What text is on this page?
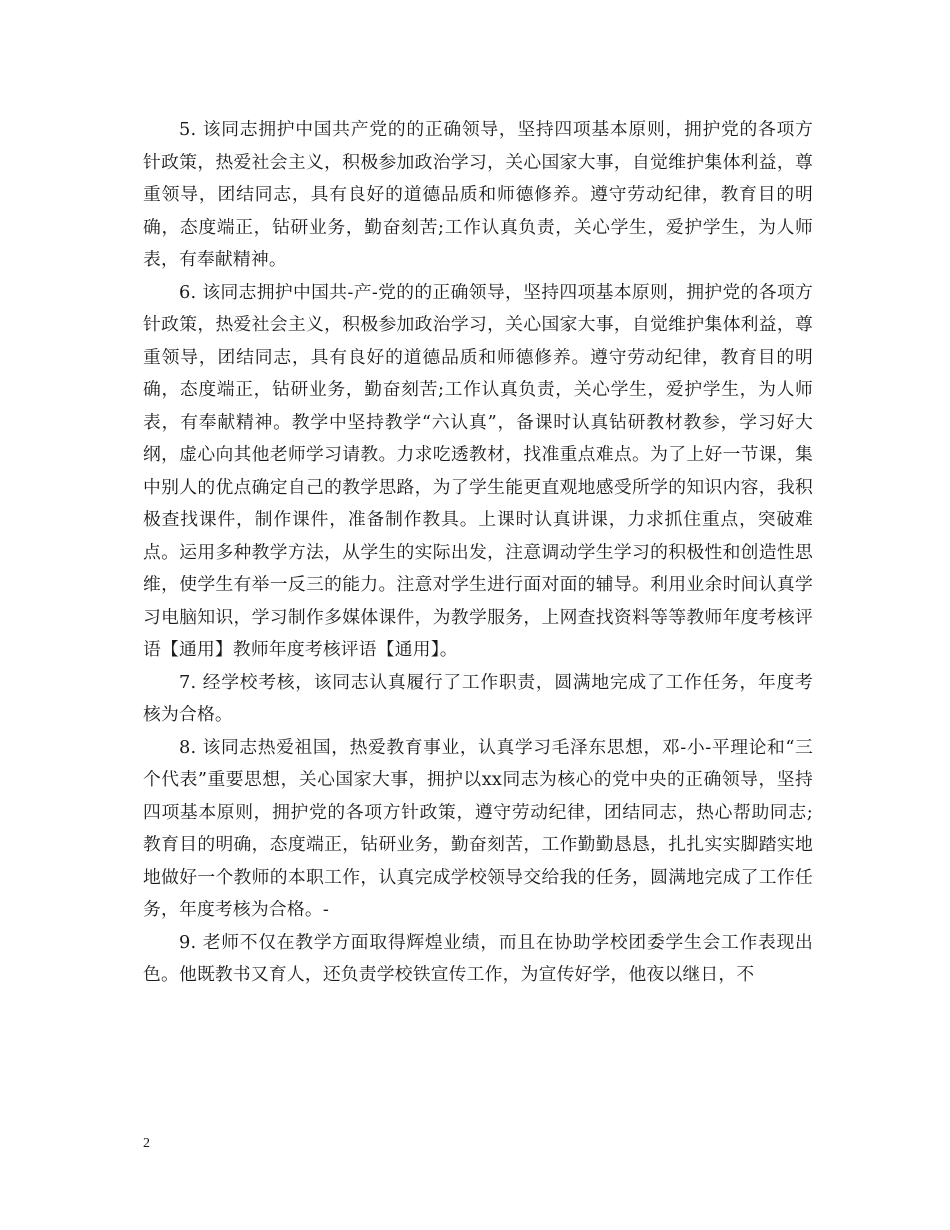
5. 该同志拥护中国共产党的的正确领导，坚持四项基本原则，拥护党的各项方针政策，热爱社会主义，积极参加政治学习，关心国家大事，自觉维护集体利益，尊重领导，团结同志，具有良好的道德品质和师德修养。遵守劳动纪律，教育目的明确，态度端正，钻研业务，勤奋刻苦;工作认真负责，关心学生，爱护学生，为人师表，有奉献精神。

6. 该同志拥护中国共-产-党的的正确领导，坚持四项基本原则，拥护党的各项方针政策，热爱社会主义，积极参加政治学习，关心国家大事，自觉维护集体利益，尊重领导，团结同志，具有良好的道德品质和师德修养。遵守劳动纪律，教育目的明确，态度端正，钻研业务，勤奋刻苦;工作认真负责，关心学生，爱护学生，为人师表，有奉献精神。教学中坚持教学“六认真”，备课时认真钻研教材教参，学习好大纲，虚心向其他老师学习请教。力求吃透教材，找准重点难点。为了上好一节课，集中别人的优点确定自己的教学思路，为了学生能更直观地感受所学的知识内容，我积极查找课件，制作课件，准备制作教具。上课时认真讲课，力求抓住重点，突破难点。运用多种教学方法，从学生的实际出发，注意调动学生学习的积极性和创造性思维，使学生有举一反三的能力。注意对学生进行面对面的辅导。利用业余时间认真学习电脑知识，学习制作多媒体课件，为教学服务，上网查找资料等等教师年度考核评语【通用】教师年度考核评语【通用】。

7. 经学校考核，该同志认真履行了工作职责，圆满地完成了工作任务，年度考核为合格。

8. 该同志热爱祖国，热爱教育事业，认真学习毛泽东思想，邓-小-平理论和“三个代表”重要思想，关心国家大事，拥护以xx同志为核心的党中央的正确领导，坚持四项基本原则，拥护党的各项方针政策，遵守劳动纪律，团结同志，热心帮助同志;教育目的明确，态度端正，钻研业务，勤奋刻苦，工作勤勤恳恳，扎扎实实脚踏实地地做好一个教师的本职工作，认真完成学校领导交给我的任务，圆满地完成了工作任务，年度考核为合格。-

9. 老师不仅在教学方面取得辉煌业绩，而且在协助学校团委学生会工作表现出色。他既教书又育人，还负责学校铁宣传工作，为宣传好学，他夜以继日，不

2
